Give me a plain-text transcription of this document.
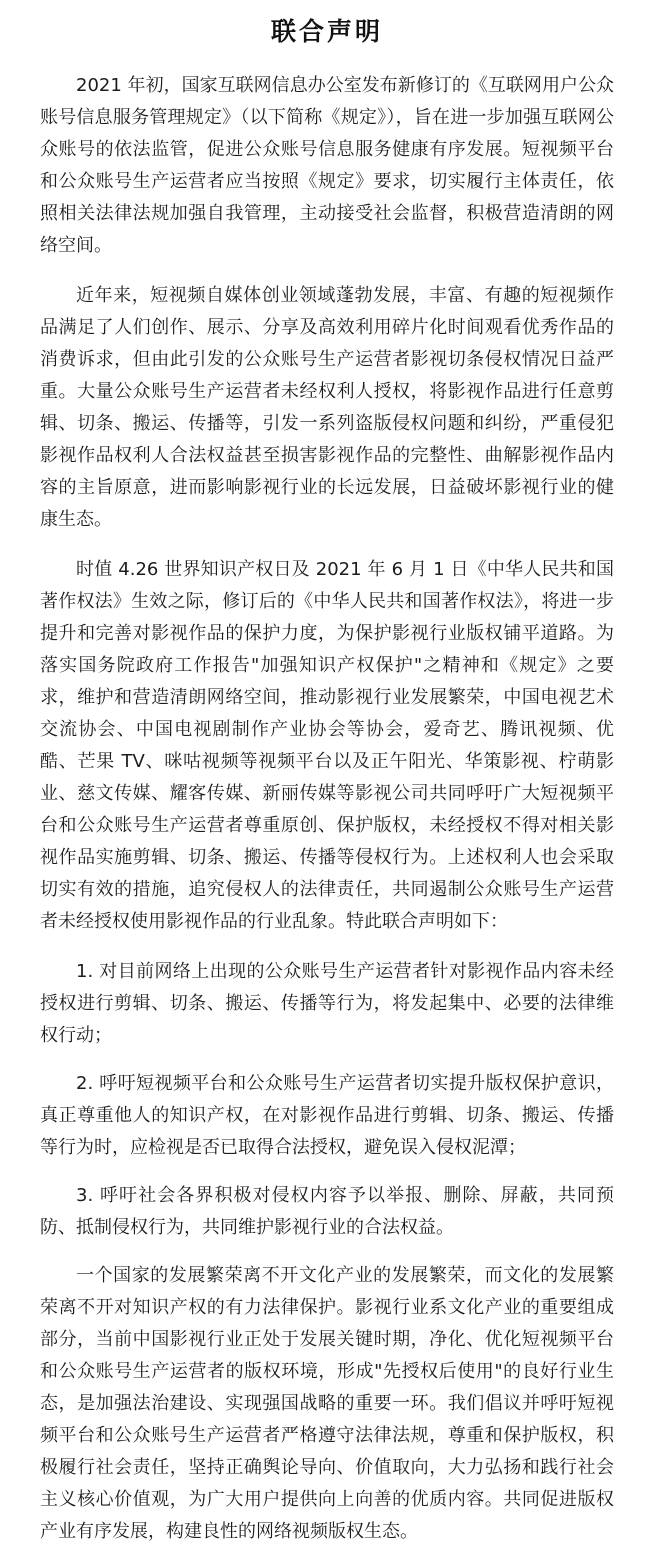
联合声明

2021 年初，国家互联网信息办公室发布新修订的《互联网用户公众账号信息服务管理规定》（以下简称《规定》），旨在进一步加强互联网公众账号的依法监管，促进公众账号信息服务健康有序发展。短视频平台和公众账号生产运营者应当按照《规定》要求，切实履行主体责任，依照相关法律法规加强自我管理，主动接受社会监督，积极营造清朗的网络空间。

近年来，短视频自媒体创业领域蓬勃发展，丰富、有趣的短视频作品满足了人们创作、展示、分享及高效利用碎片化时间观看优秀作品的消费诉求，但由此引发的公众账号生产运营者影视切条侵权情况日益严重。大量公众账号生产运营者未经权利人授权，将影视作品进行任意剪辑、切条、搬运、传播等，引发一系列盗版侵权问题和纠纷，严重侵犯影视作品权利人合法权益甚至损害影视作品的完整性、曲解影视作品内容的主旨原意，进而影响影视行业的长远发展，日益破坏影视行业的健康生态。

时值 4.26 世界知识产权日及 2021 年 6 月 1 日《中华人民共和国著作权法》生效之际，修订后的《中华人民共和国著作权法》，将进一步提升和完善对影视作品的保护力度，为保护影视行业版权铺平道路。为落实国务院政府工作报告"加强知识产权保护"之精神和《规定》之要求，维护和营造清朗网络空间，推动影视行业发展繁荣，中国电视艺术交流协会、中国电视剧制作产业协会等协会，爱奇艺、腾讯视频、优酷、芒果 TV、咪咕视频等视频平台以及正午阳光、华策影视、柠萌影业、慈文传媒、耀客传媒、新丽传媒等影视公司共同呼吁广大短视频平台和公众账号生产运营者尊重原创、保护版权，未经授权不得对相关影视作品实施剪辑、切条、搬运、传播等侵权行为。上述权利人也会采取切实有效的措施，追究侵权人的法律责任，共同遏制公众账号生产运营者未经授权使用影视作品的行业乱象。特此联合声明如下：

1. 对目前网络上出现的公众账号生产运营者针对影视作品内容未经授权进行剪辑、切条、搬运、传播等行为，将发起集中、必要的法律维权行动；

2. 呼吁短视频平台和公众账号生产运营者切实提升版权保护意识，真正尊重他人的知识产权，在对影视作品进行剪辑、切条、搬运、传播等行为时，应检视是否已取得合法授权，避免误入侵权泥潭；

3. 呼吁社会各界积极对侵权内容予以举报、删除、屏蔽，共同预防、抵制侵权行为，共同维护影视行业的合法权益。

一个国家的发展繁荣离不开文化产业的发展繁荣，而文化的发展繁荣离不开对知识产权的有力法律保护。影视行业系文化产业的重要组成部分，当前中国影视行业正处于发展关键时期，净化、优化短视频平台和公众账号生产运营者的版权环境，形成"先授权后使用"的良好行业生态，是加强法治建设、实现强国战略的重要一环。我们倡议并呼吁短视频平台和公众账号生产运营者严格遵守法律法规，尊重和保护版权，积极履行社会责任，坚持正确舆论导向、价值取向，大力弘扬和践行社会主义核心价值观，为广大用户提供向上向善的优质内容。共同促进版权产业有序发展，构建良性的网络视频版权生态。
